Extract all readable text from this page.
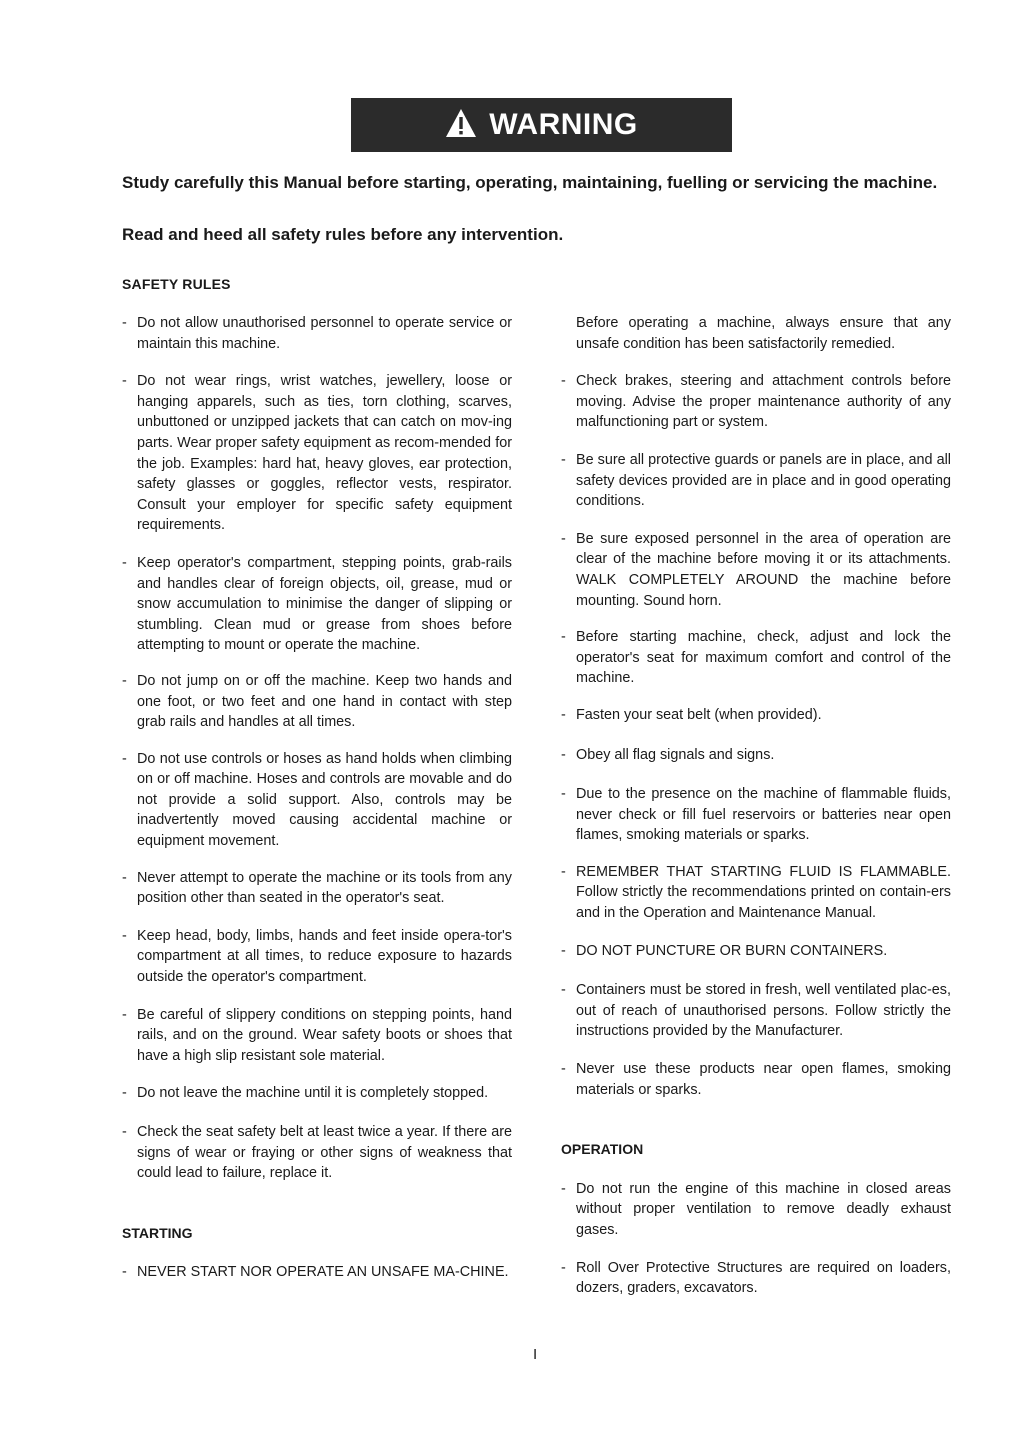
WARNING
Study carefully this Manual before starting, operating, maintaining, fuelling or servicing the machine.
Read and heed all safety rules before any intervention.
SAFETY RULES
- Do not allow unauthorised personnel to operate service or maintain this machine.
- Do not wear rings, wrist watches, jewellery, loose or hanging apparels, such as ties, torn clothing, scarves, unbuttoned or unzipped jackets that can catch on mov-ing parts. Wear proper safety equipment as recom-mended for the job. Examples: hard hat, heavy gloves, ear protection, safety glasses or goggles, reflector vests, respirator. Consult your employer for specific safety equipment requirements.
- Keep operator's compartment, stepping points, grab-rails and handles clear of foreign objects, oil, grease, mud or snow accumulation to minimise the danger of slipping or stumbling. Clean mud or grease from shoes before attempting to mount or operate the machine.
- Do not jump on or off the machine. Keep two hands and one foot, or two feet and one hand in contact with step grab rails and handles at all times.
- Do not use controls or hoses as hand holds when climbing on or off machine. Hoses and controls are movable and do not provide a solid support. Also, controls may be inadvertently moved causing accidental machine or equipment movement.
- Never attempt to operate the machine or its tools from any position other than seated in the operator's seat.
- Keep head, body, limbs, hands and feet inside opera-tor's compartment at all times, to reduce exposure to hazards outside the operator's compartment.
- Be careful of slippery conditions on stepping points, hand rails, and on the ground. Wear safety boots or shoes that have a high slip resistant sole material.
- Do not leave the machine until it is completely stopped.
- Check the seat safety belt at least twice a year. If there are signs of wear or fraying or other signs of weakness that could lead to failure, replace it.
STARTING
- NEVER START NOR OPERATE AN UNSAFE MA-CHINE.
Before operating a machine, always ensure that any unsafe condition has been satisfactorily remedied.
- Check brakes, steering and attachment controls before moving. Advise the proper maintenance authority of any malfunctioning part or system.
- Be sure all protective guards or panels are in place, and all safety devices provided are in place and in good operating conditions.
- Be sure exposed personnel in the area of operation are clear of the machine before moving it or its attachments. WALK COMPLETELY AROUND the machine before mounting. Sound horn.
- Before starting machine, check, adjust and lock the operator's seat for maximum comfort and control of the machine.
- Fasten your seat belt (when provided).
- Obey all flag signals and signs.
- Due to the presence on the machine of flammable fluids, never check or fill fuel reservoirs or batteries near open flames, smoking materials or sparks.
- REMEMBER THAT STARTING FLUID IS FLAMMABLE. Follow strictly the recommendations printed on contain-ers and in the Operation and Maintenance Manual.
- DO NOT PUNCTURE OR BURN CONTAINERS.
- Containers must be stored in fresh, well ventilated plac-es, out of reach of unauthorised persons. Follow strictly the instructions provided by the Manufacturer.
- Never use these products near open flames, smoking materials or sparks.
OPERATION
- Do not run the engine of this machine in closed areas without proper ventilation to remove deadly exhaust gases.
- Roll Over Protective Structures are required on loaders, dozers, graders, excavators.
I
